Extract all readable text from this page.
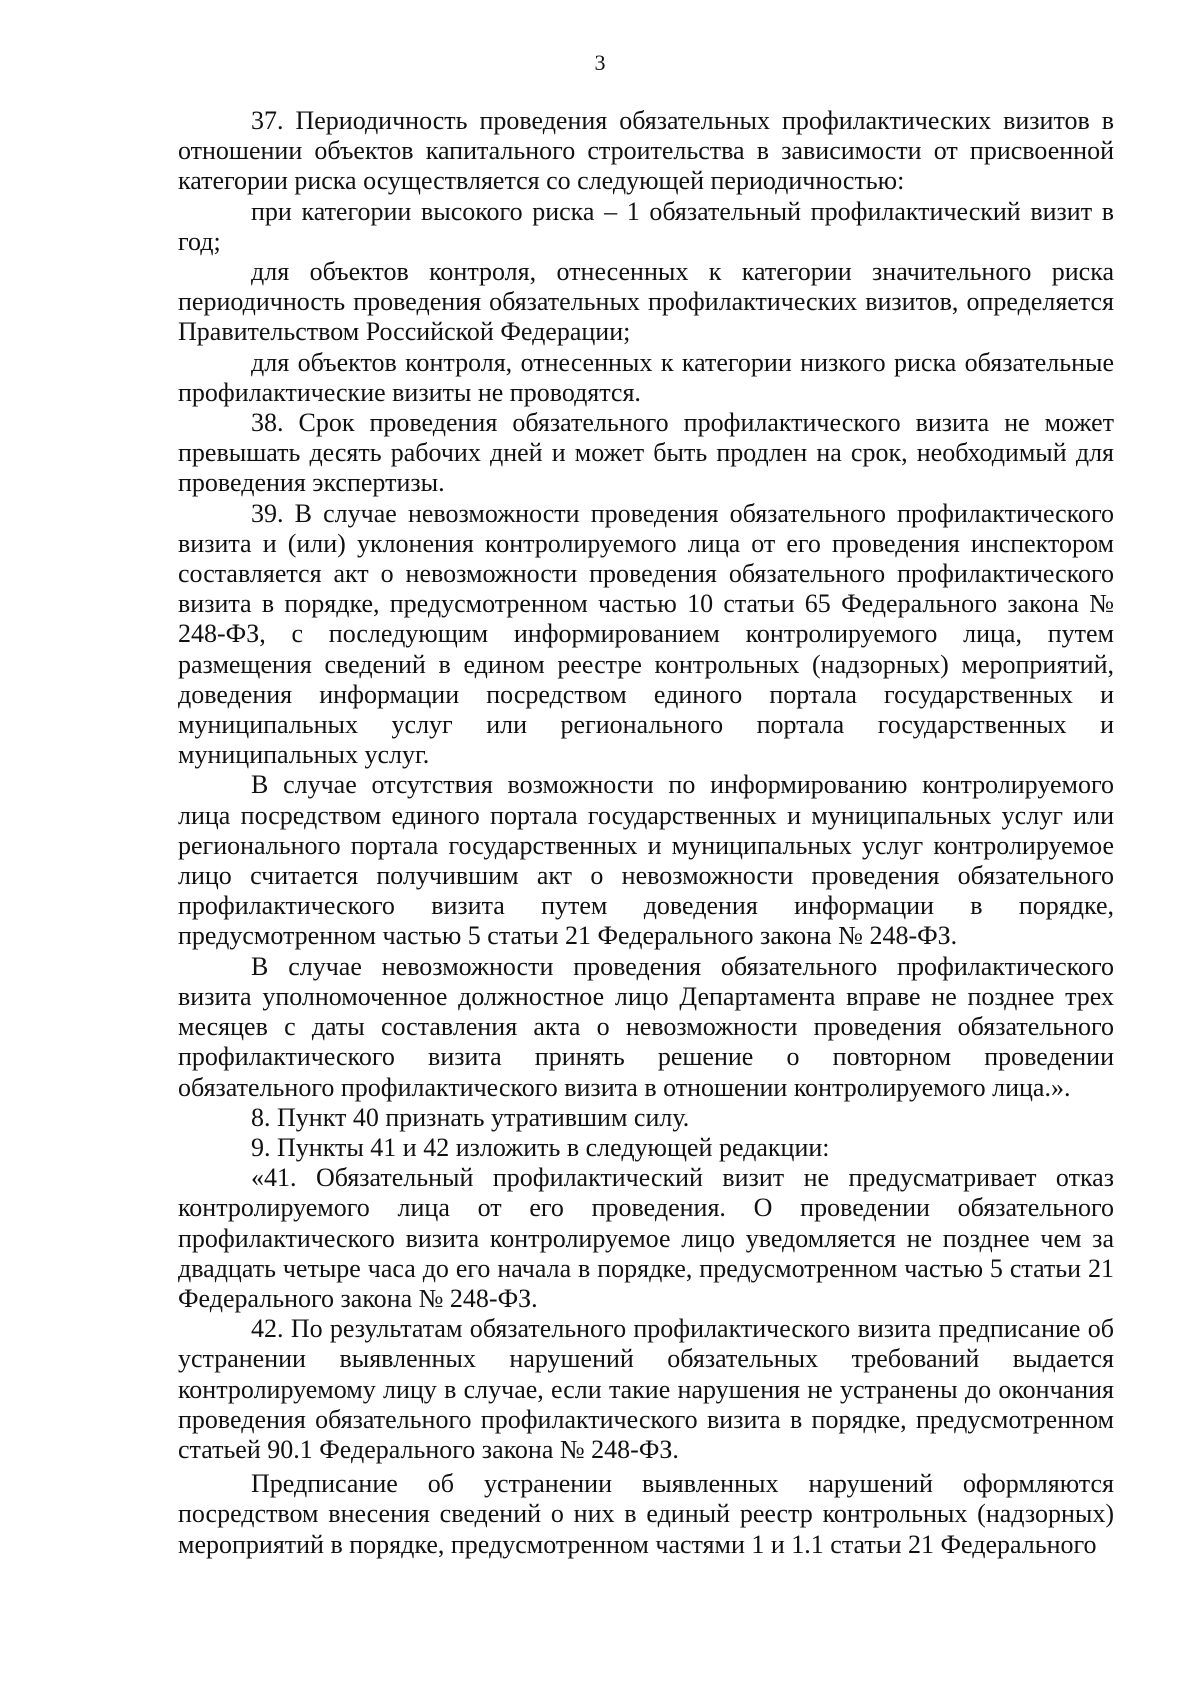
3

37. Периодичность проведения обязательных профилактических визитов в отношении объектов капитального строительства в зависимости от присвоенной категории риска осуществляется со следующей периодичностью:

при категории высокого риска – 1 обязательный профилактический визит в год;

для объектов контроля, отнесенных к категории значительного риска периодичность проведения обязательных профилактических визитов, определяется Правительством Российской Федерации;

для объектов контроля, отнесенных к категории низкого риска обязательные профилактические визиты не проводятся.

38. Срок проведения обязательного профилактического визита не может превышать десять рабочих дней и может быть продлен на срок, необходимый для проведения экспертизы.

39. В случае невозможности проведения обязательного профилактического визита и (или) уклонения контролируемого лица от его проведения инспектором составляется акт о невозможности проведения обязательного профилактического визита в порядке, предусмотренном частью 10 статьи 65 Федерального закона № 248-ФЗ, с последующим информированием контролируемого лица, путем размещения сведений в едином реестре контрольных (надзорных) мероприятий, доведения информации посредством единого портала государственных и муниципальных услуг или регионального портала государственных и муниципальных услуг.

В случае отсутствия возможности по информированию контролируемого лица посредством единого портала государственных и муниципальных услуг или регионального портала государственных и муниципальных услуг контролируемое лицо считается получившим акт о невозможности проведения обязательного профилактического визита путем доведения информации в порядке, предусмотренном частью 5 статьи 21 Федерального закона № 248-ФЗ.

В случае невозможности проведения обязательного профилактического визита уполномоченное должностное лицо Департамента вправе не позднее трех месяцев с даты составления акта о невозможности проведения обязательного профилактического визита принять решение о повторном проведении обязательного профилактического визита в отношении контролируемого лица.».

8. Пункт 40 признать утратившим силу.

9. Пункты 41 и 42 изложить в следующей редакции:

«41. Обязательный профилактический визит не предусматривает отказ контролируемого лица от его проведения. О проведении обязательного профилактического визита контролируемое лицо уведомляется не позднее чем за двадцать четыре часа до его начала в порядке, предусмотренном частью 5 статьи 21 Федерального закона № 248-ФЗ.

42. По результатам обязательного профилактического визита предписание об устранении выявленных нарушений обязательных требований выдается контролируемому лицу в случае, если такие нарушения не устранены до окончания проведения обязательного профилактического визита в порядке, предусмотренном статьей 90.1 Федерального закона № 248-ФЗ.

Предписание об устранении выявленных нарушений оформляются посредством внесения сведений о них в единый реестр контрольных (надзорных) мероприятий в порядке, предусмотренном частями 1 и 1.1 статьи 21 Федерального
